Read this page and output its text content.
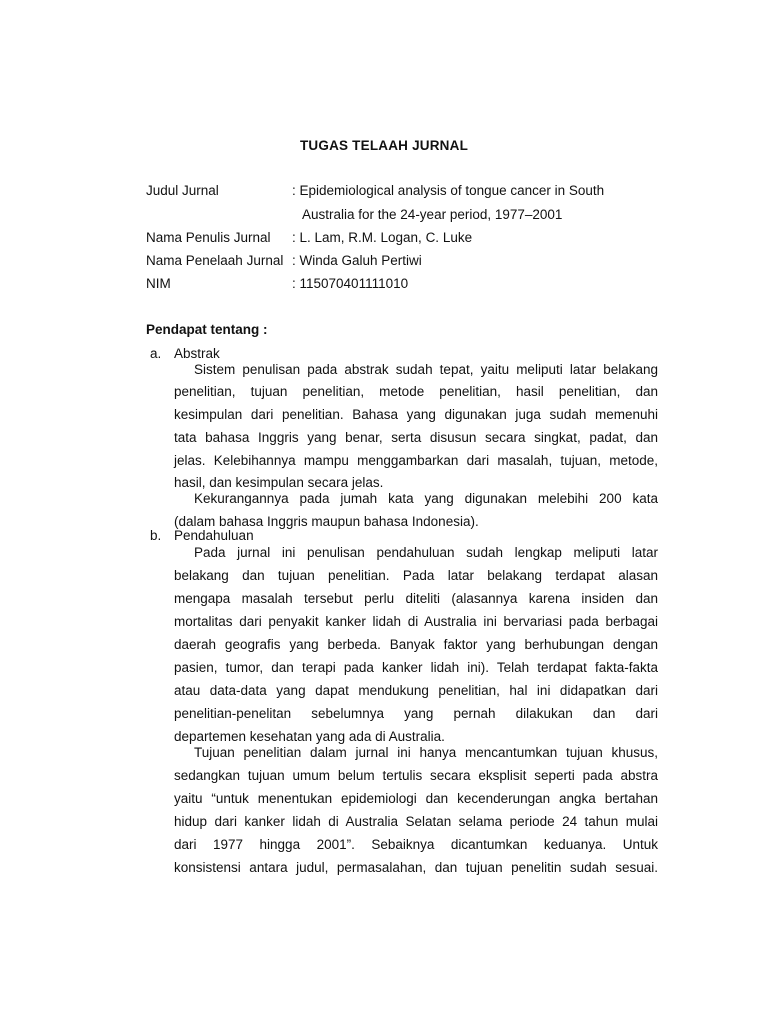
TUGAS TELAAH JURNAL
Judul Jurnal	: Epidemiological analysis of tongue cancer in South
Australia for the 24-year period, 1977–2001
Nama Penulis Jurnal : L. Lam, R.M. Logan, C. Luke
Nama Penelaah Jurnal : Winda Galuh Pertiwi
NIM	: 115070401111010
Pendapat tentang :
a. Abstrak
Sistem penulisan pada abstrak sudah tepat, yaitu meliputi latar belakang
penelitian, tujuan penelitian, metode penelitian, hasil penelitian, dan
kesimpulan dari penelitian. Bahasa yang digunakan juga sudah memenuhi
tata bahasa Inggris yang benar, serta disusun secara singkat, padat, dan
jelas. Kelebihannya mampu menggambarkan dari masalah, tujuan, metode,
hasil, dan kesimpulan secara jelas.
Kekurangannya pada jumah kata yang digunakan melebihi 200 kata
(dalam bahasa Inggris maupun bahasa Indonesia).
b. Pendahuluan
Pada jurnal ini penulisan pendahuluan sudah lengkap meliputi latar
belakang dan tujuan penelitian. Pada latar belakang terdapat alasan
mengapa masalah tersebut perlu diteliti (alasannya karena insiden dan
mortalitas dari penyakit kanker lidah di Australia ini bervariasi pada berbagai
daerah geografis yang berbeda. Banyak faktor yang berhubungan dengan
pasien, tumor, dan terapi pada kanker lidah ini). Telah terdapat fakta-fakta
atau data-data yang dapat mendukung penelitian, hal ini didapatkan dari
penelitian-penelitan sebelumnya yang pernah dilakukan dan dari
departemen kesehatan yang ada di Australia.
Tujuan penelitian dalam jurnal ini hanya mencantumkan tujuan khusus,
sedangkan tujuan umum belum tertulis secara eksplisit seperti pada abstra
yaitu “untuk menentukan epidemiologi dan kecenderungan angka bertahan
hidup dari kanker lidah di Australia Selatan selama periode 24 tahun mulai
dari 1977 hingga 2001”. Sebaiknya dicantumkan keduanya. Untuk
konsistensi antara judul, permasalahan, dan tujuan penelitin sudah sesuai.
